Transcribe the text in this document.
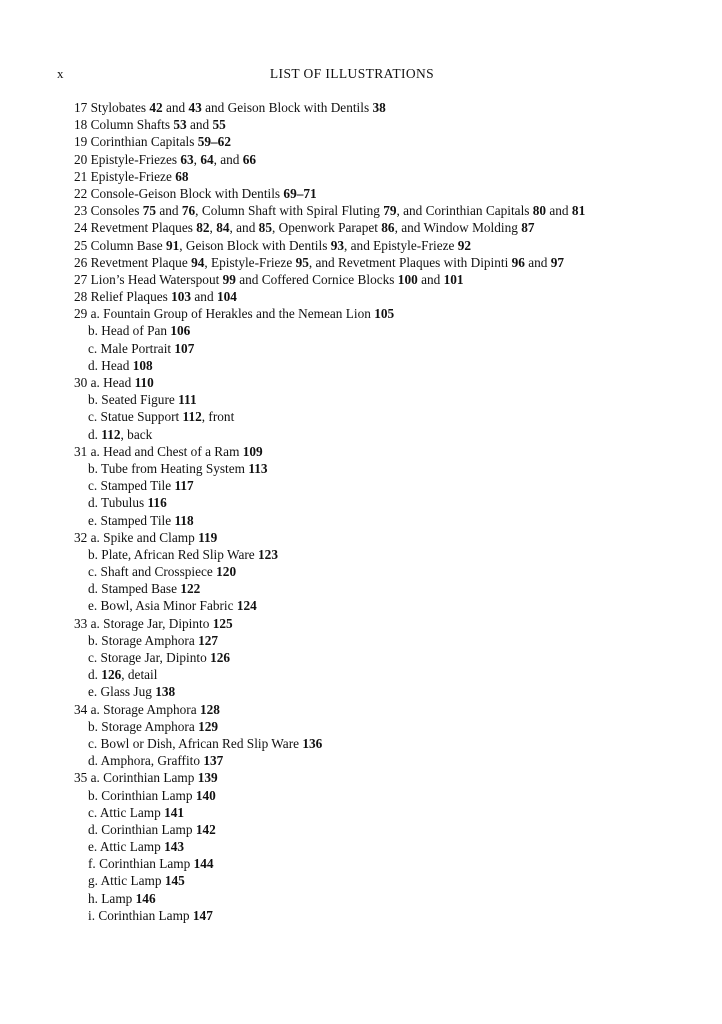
x	LIST OF ILLUSTRATIONS
17 Stylobates 42 and 43 and Geison Block with Dentils 38
18 Column Shafts 53 and 55
19 Corinthian Capitals 59–62
20 Epistyle-Friezes 63, 64, and 66
21 Epistyle-Frieze 68
22 Console-Geison Block with Dentils 69–71
23 Consoles 75 and 76, Column Shaft with Spiral Fluting 79, and Corinthian Capitals 80 and 81
24 Revetment Plaques 82, 84, and 85, Openwork Parapet 86, and Window Molding 87
25 Column Base 91, Geison Block with Dentils 93, and Epistyle-Frieze 92
26 Revetment Plaque 94, Epistyle-Frieze 95, and Revetment Plaques with Dipinti 96 and 97
27 Lion’s Head Waterspout 99 and Coffered Cornice Blocks 100 and 101
28 Relief Plaques 103 and 104
29 a. Fountain Group of Herakles and the Nemean Lion 105
b. Head of Pan 106
c. Male Portrait 107
d. Head 108
30 a. Head 110
b. Seated Figure 111
c. Statue Support 112, front
d. 112, back
31 a. Head and Chest of a Ram 109
b. Tube from Heating System 113
c. Stamped Tile 117
d. Tubulus 116
e. Stamped Tile 118
32 a. Spike and Clamp 119
b. Plate, African Red Slip Ware 123
c. Shaft and Crosspiece 120
d. Stamped Base 122
e. Bowl, Asia Minor Fabric 124
33 a. Storage Jar, Dipinto 125
b. Storage Amphora 127
c. Storage Jar, Dipinto 126
d. 126, detail
e. Glass Jug 138
34 a. Storage Amphora 128
b. Storage Amphora 129
c. Bowl or Dish, African Red Slip Ware 136
d. Amphora, Graffito 137
35 a. Corinthian Lamp 139
b. Corinthian Lamp 140
c. Attic Lamp 141
d. Corinthian Lamp 142
e. Attic Lamp 143
f. Corinthian Lamp 144
g. Attic Lamp 145
h. Lamp 146
i. Corinthian Lamp 147
